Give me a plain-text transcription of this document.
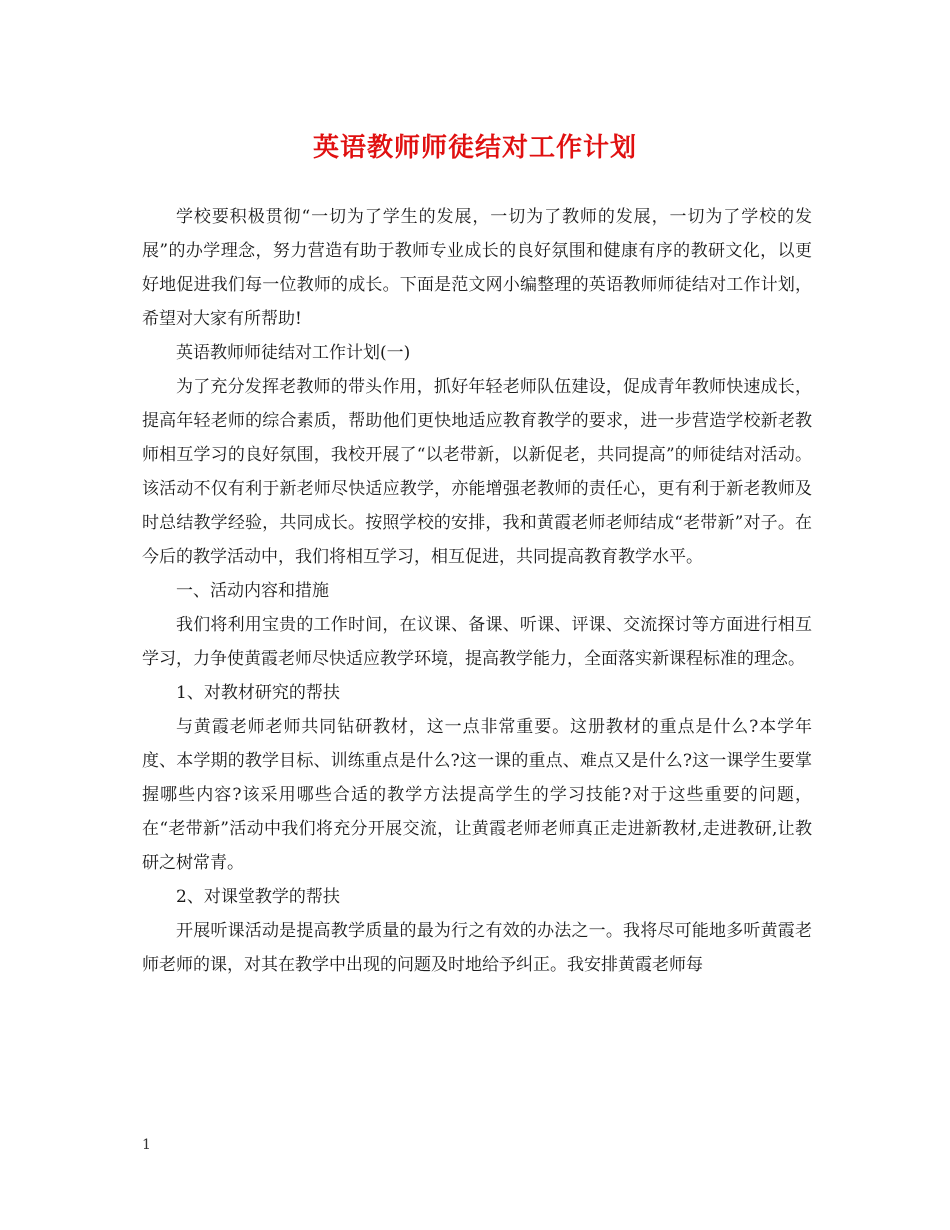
英语教师师徒结对工作计划

学校要积极贯彻“一切为了学生的发展，一切为了教师的发展，一切为了学校的发展”的办学理念，努力营造有助于教师专业成长的良好氛围和健康有序的教研文化，以更好地促进我们每一位教师的成长。下面是范文网小编整理的英语教师师徒结对工作计划，希望对大家有所帮助!

英语教师师徒结对工作计划(一)

为了充分发挥老教师的带头作用，抓好年轻老师队伍建设，促成青年教师快速成长，提高年轻老师的综合素质，帮助他们更快地适应教育教学的要求，进一步营造学校新老教师相互学习的良好氛围，我校开展了“以老带新，以新促老，共同提高”的师徒结对活动。该活动不仅有利于新老师尽快适应教学，亦能增强老教师的责任心，更有利于新老教师及时总结教学经验，共同成长。按照学校的安排，我和黄霞老师老师结成“老带新”对子。在今后的教学活动中，我们将相互学习，相互促进，共同提高教育教学水平。

一、活动内容和措施

我们将利用宝贵的工作时间，在议课、备课、听课、评课、交流探讨等方面进行相互学习，力争使黄霞老师尽快适应教学环境，提高教学能力，全面落实新课程标准的理念。

1、对教材研究的帮扶

与黄霞老师老师共同钻研教材，这一点非常重要。这册教材的重点是什么?本学年度、本学期的教学目标、训练重点是什么?这一课的重点、难点又是什么?这一课学生要掌握哪些内容?该采用哪些合适的教学方法提高学生的学习技能?对于这些重要的问题，在“老带新”活动中我们将充分开展交流，让黄霞老师老师真正走进新教材,走进教研,让教研之树常青。

2、对课堂教学的帮扶

开展听课活动是提高教学质量的最为行之有效的办法之一。我将尽可能地多听黄霞老师老师的课，对其在教学中出现的问题及时地给予纠正。我安排黄霞老师每

1
